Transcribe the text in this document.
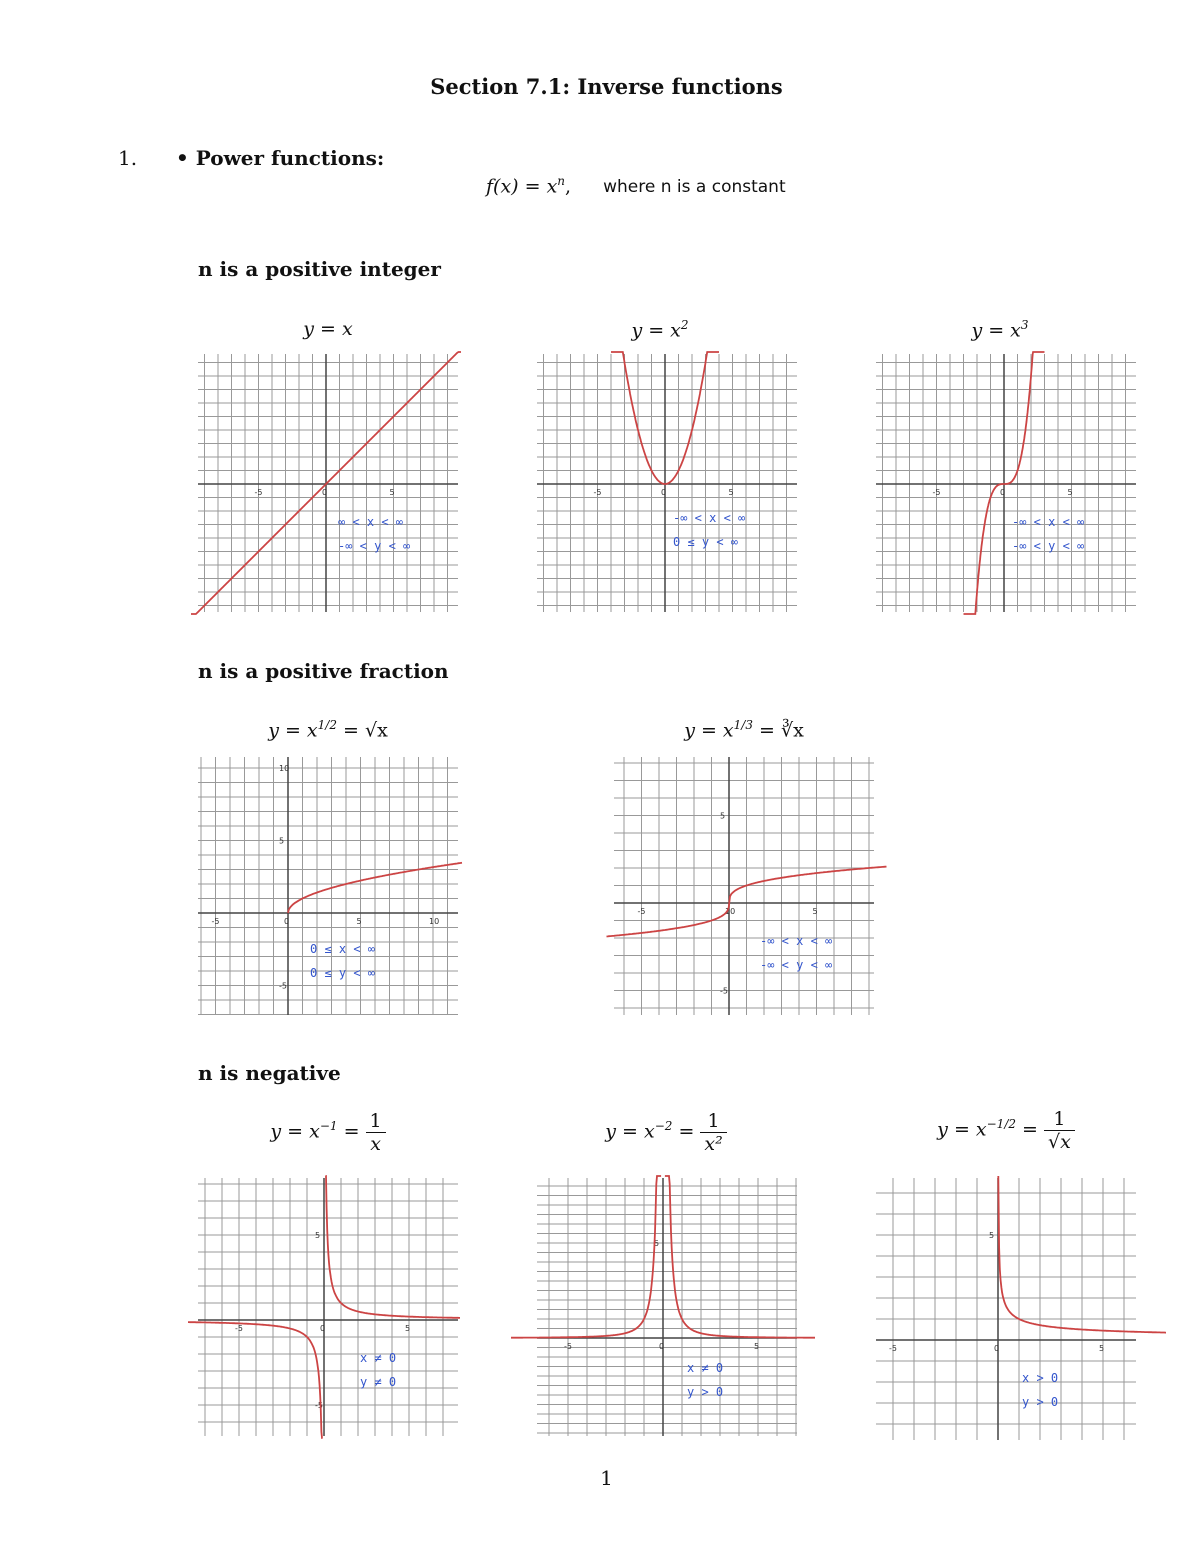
Section 7.1: Inverse functions
1. • Power functions:
$f(x) = x^n$, where n is a constant
n is a positive integer
n is a positive fraction
n is negative
y = x	$y = x^2$	$y = x^3$
$y = x^{1/2} = √x$	$y = x^{1/3}$ = ∛x
$y = x^{-1} = \frac{1}{x}$	$y = x^{-2} = \frac{1}{\text{x²}}$	$y = x^{-1/2} = \frac{1}{√x}$
-5	0	5
∞ < x < ∞
-∞ < y < ∞
-5	0	5
-∞ < x < ∞
0 ≤ y < ∞
-5	0	5
-∞ < x < ∞
-∞ < y < ∞
-5	0	5	10
10
5
-5
0 ≤ x < ∞
0 ≤ y < ∞
-5	10	5
5
-5
-∞ < x < ∞
-∞ < y < ∞
-5	0	5
5
-5
x ≠ 0
y ≠ 0
-5	0	5
5
x ≠ 0
y > 0
-5	0	5
5
x > 0
y > 0
1
